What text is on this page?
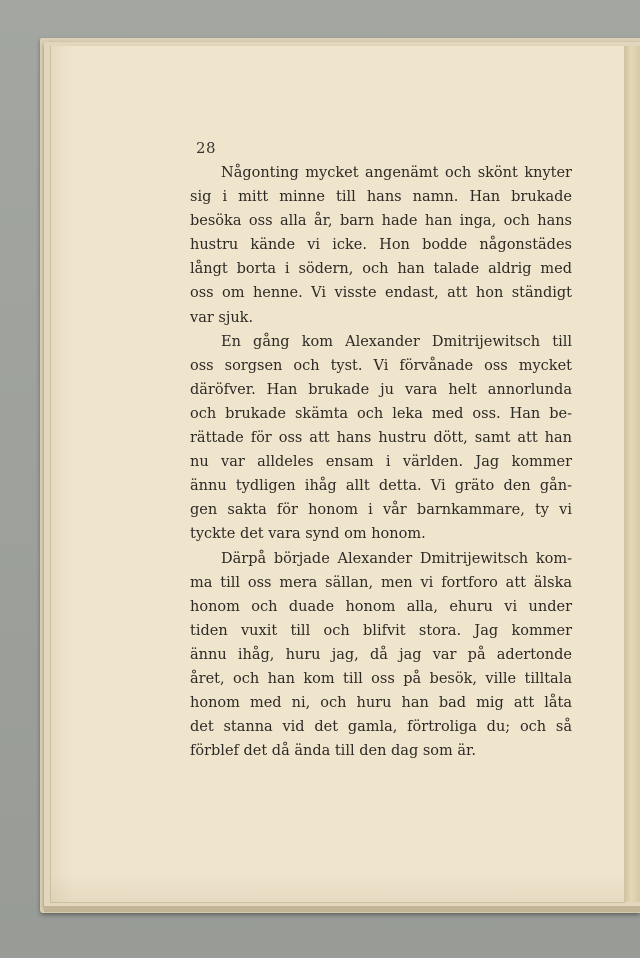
28

Någonting mycket angenämt och skönt knyter
sig i mitt minne till hans namn. Han brukade
besöka oss alla år, barn hade han inga, och hans
hustru kände vi icke. Hon bodde någonstädes
långt borta i södern, och han talade aldrig med
oss om henne. Vi visste endast, att hon ständigt
var sjuk.
En gång kom Alexander Dmitrijewitsch till
oss sorgsen och tyst. Vi förvånade oss mycket
däröfver. Han brukade ju vara helt annorlunda
och brukade skämta och leka med oss. Han be-
rättade för oss att hans hustru dött, samt att han
nu var alldeles ensam i världen. Jag kommer
ännu tydligen ihåg allt detta. Vi gräto den gån-
gen sakta för honom i vår barnkammare, ty vi
tyckte det vara synd om honom.
Därpå började Alexander Dmitrijewitsch kom-
ma till oss mera sällan, men vi fortforo att älska
honom och duade honom alla, ehuru vi under
tiden vuxit till och blifvit stora. Jag kommer
ännu ihåg, huru jag, då jag var på adertonde
året, och han kom till oss på besök, ville tilltala
honom med ni, och huru han bad mig att låta
det stanna vid det gamla, förtroliga du; och så
förblef det då ända till den dag som är.
